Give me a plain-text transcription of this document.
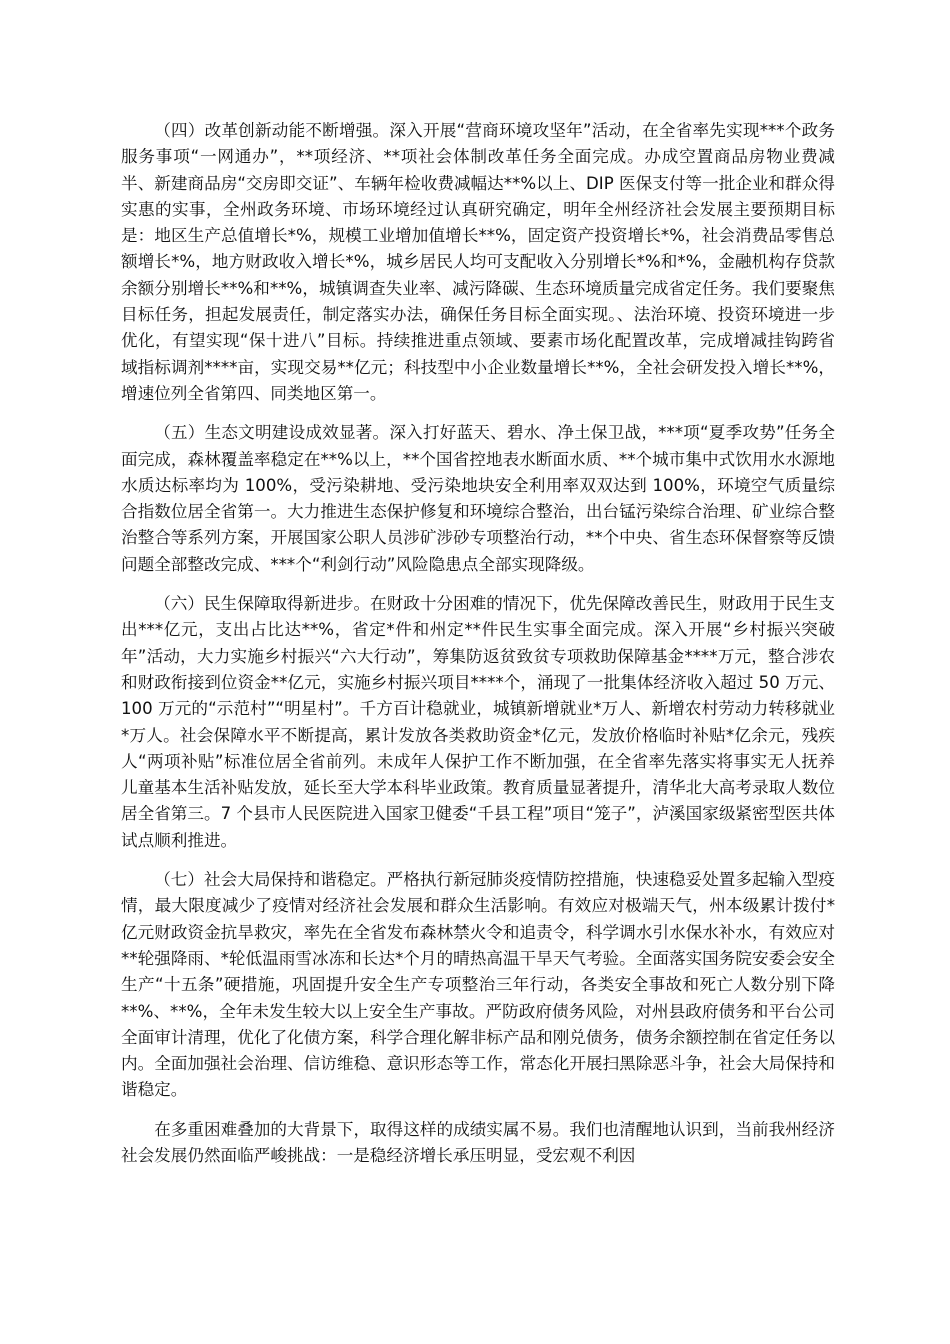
（四）改革创新动能不断增强。深入开展“营商环境攻坚年”活动，在全省率先实现***个政务服务事项“一网通办”，**项经济、**项社会体制改革任务全面完成。办成空置商品房物业费减半、新建商品房“交房即交证”、车辆年检收费减幅达**%以上、DIP 医保支付等一批企业和群众得实惠的实事，全州政务环境、市场环境经过认真研究确定，明年全州经济社会发展主要预期目标是：地区生产总值增长*%，规模工业增加值增长**%，固定资产投资增长*%，社会消费品零售总额增长*%，地方财政收入增长*%，城乡居民人均可支配收入分别增长*%和*%，金融机构存贷款余额分别增长**%和**%，城镇调查失业率、减污降碳、生态环境质量完成省定任务。我们要聚焦目标任务，担起发展责任，制定落实办法，确保任务目标全面实现。、法治环境、投资环境进一步优化，有望实现“保十进八”目标。持续推进重点领域、要素市场化配置改革，完成增减挂钩跨省域指标调剂****亩，实现交易**亿元；科技型中小企业数量增长**%，全社会研发投入增长**%，增速位列全省第四、同类地区第一。

（五）生态文明建设成效显著。深入打好蓝天、碧水、净土保卫战，***项“夏季攻势”任务全面完成，森林覆盖率稳定在**%以上，**个国省控地表水断面水质、**个城市集中式饮用水水源地水质达标率均为 100%，受污染耕地、受污染地块安全利用率双双达到 100%，环境空气质量综合指数位居全省第一。大力推进生态保护修复和环境综合整治，出台锰污染综合治理、矿业综合整治整合等系列方案，开展国家公职人员涉矿涉砂专项整治行动，**个中央、省生态环保督察等反馈问题全部整改完成、***个“利剑行动”风险隐患点全部实现降级。

（六）民生保障取得新进步。在财政十分困难的情况下，优先保障改善民生，财政用于民生支出***亿元，支出占比达**%，省定*件和州定**件民生实事全面完成。深入开展“乡村振兴突破年”活动，大力实施乡村振兴“六大行动”，筹集防返贫致贫专项救助保障基金****万元，整合涉农和财政衔接到位资金**亿元，实施乡村振兴项目****个，涌现了一批集体经济收入超过 50 万元、100 万元的“示范村”“明星村”。千方百计稳就业，城镇新增就业*万人、新增农村劳动力转移就业*万人。社会保障水平不断提高，累计发放各类救助资金*亿元，发放价格临时补贴*亿余元，残疾人“两项补贴”标准位居全省前列。未成年人保护工作不断加强，在全省率先落实将事实无人抚养儿童基本生活补贴发放，延长至大学本科毕业政策。教育质量显著提升，清华北大高考录取人数位居全省第三。7 个县市人民医院进入国家卫健委“千县工程”项目“笼子”，泸溪国家级紧密型医共体试点顺利推进。

（七）社会大局保持和谐稳定。严格执行新冠肺炎疫情防控措施，快速稳妥处置多起输入型疫情，最大限度减少了疫情对经济社会发展和群众生活影响。有效应对极端天气，州本级累计拨付*亿元财政资金抗旱救灾，率先在全省发布森林禁火令和追责令，科学调水引水保水补水，有效应对**轮强降雨、*轮低温雨雪冰冻和长达*个月的晴热高温干旱天气考验。全面落实国务院安委会安全生产“十五条”硬措施，巩固提升安全生产专项整治三年行动，各类安全事故和死亡人数分别下降**%、**%，全年未发生较大以上安全生产事故。严防政府债务风险，对州县政府债务和平台公司全面审计清理，优化了化债方案，科学合理化解非标产品和刚兑债务，债务余额控制在省定任务以内。全面加强社会治理、信访维稳、意识形态等工作，常态化开展扫黑除恶斗争，社会大局保持和谐稳定。

在多重困难叠加的大背景下，取得这样的成绩实属不易。我们也清醒地认识到，当前我州经济社会发展仍然面临严峻挑战：一是稳经济增长承压明显，受宏观不利因
